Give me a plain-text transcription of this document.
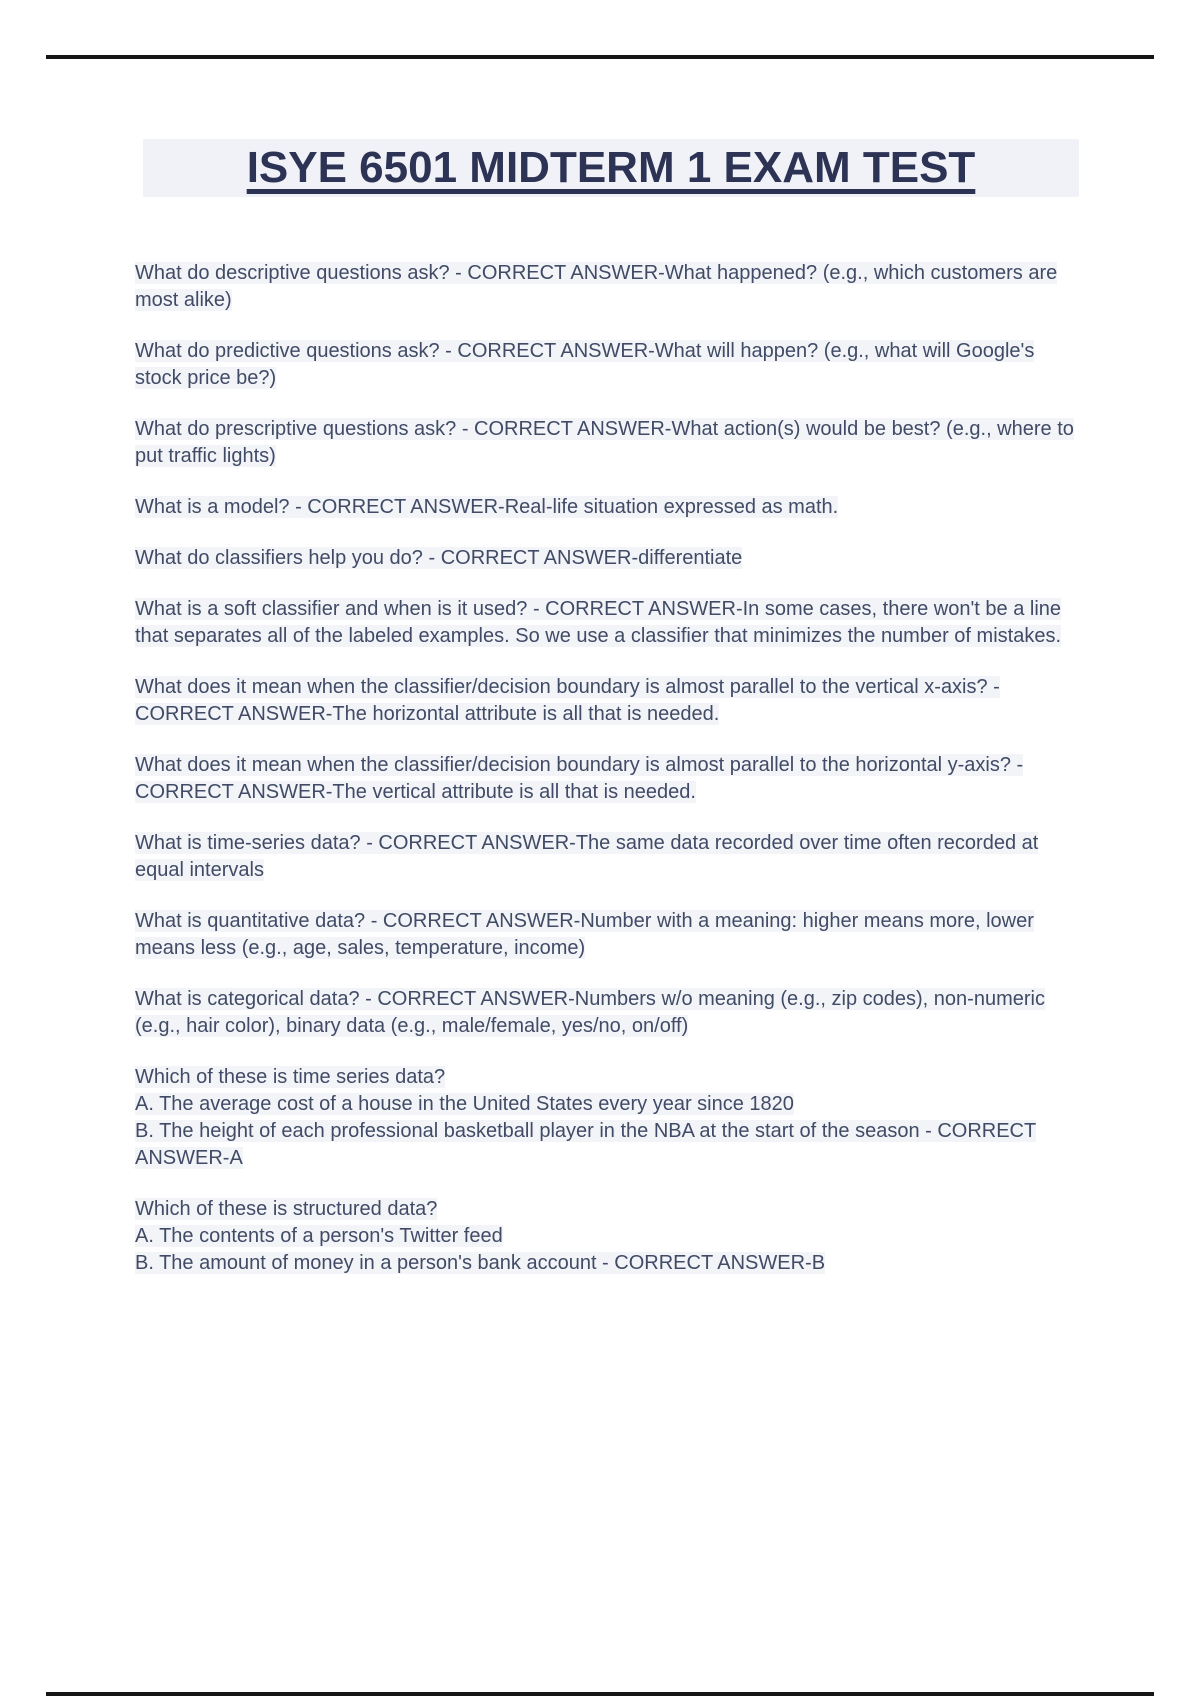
ISYE 6501 MIDTERM 1 EXAM TEST

What do descriptive questions ask? - CORRECT ANSWER-What happened? (e.g., which customers are most alike)

What do predictive questions ask? - CORRECT ANSWER-What will happen? (e.g., what will Google's stock price be?)

What do prescriptive questions ask? - CORRECT ANSWER-What action(s) would be best? (e.g., where to put traffic lights)

What is a model? - CORRECT ANSWER-Real-life situation expressed as math.

What do classifiers help you do? - CORRECT ANSWER-differentiate

What is a soft classifier and when is it used? - CORRECT ANSWER-In some cases, there won't be a line that separates all of the labeled examples. So we use a classifier that minimizes the number of mistakes.

What does it mean when the classifier/decision boundary is almost parallel to the vertical x-axis? - CORRECT ANSWER-The horizontal attribute is all that is needed.

What does it mean when the classifier/decision boundary is almost parallel to the horizontal y-axis? - CORRECT ANSWER-The vertical attribute is all that is needed.

What is time-series data? - CORRECT ANSWER-The same data recorded over time often recorded at equal intervals

What is quantitative data? - CORRECT ANSWER-Number with a meaning: higher means more, lower means less (e.g., age, sales, temperature, income)

What is categorical data? - CORRECT ANSWER-Numbers w/o meaning (e.g., zip codes), non-numeric (e.g., hair color), binary data (e.g., male/female, yes/no, on/off)

Which of these is time series data?
A. The average cost of a house in the United States every year since 1820
B. The height of each professional basketball player in the NBA at the start of the season - CORRECT ANSWER-A

Which of these is structured data?
A. The contents of a person's Twitter feed
B. The amount of money in a person's bank account - CORRECT ANSWER-B
